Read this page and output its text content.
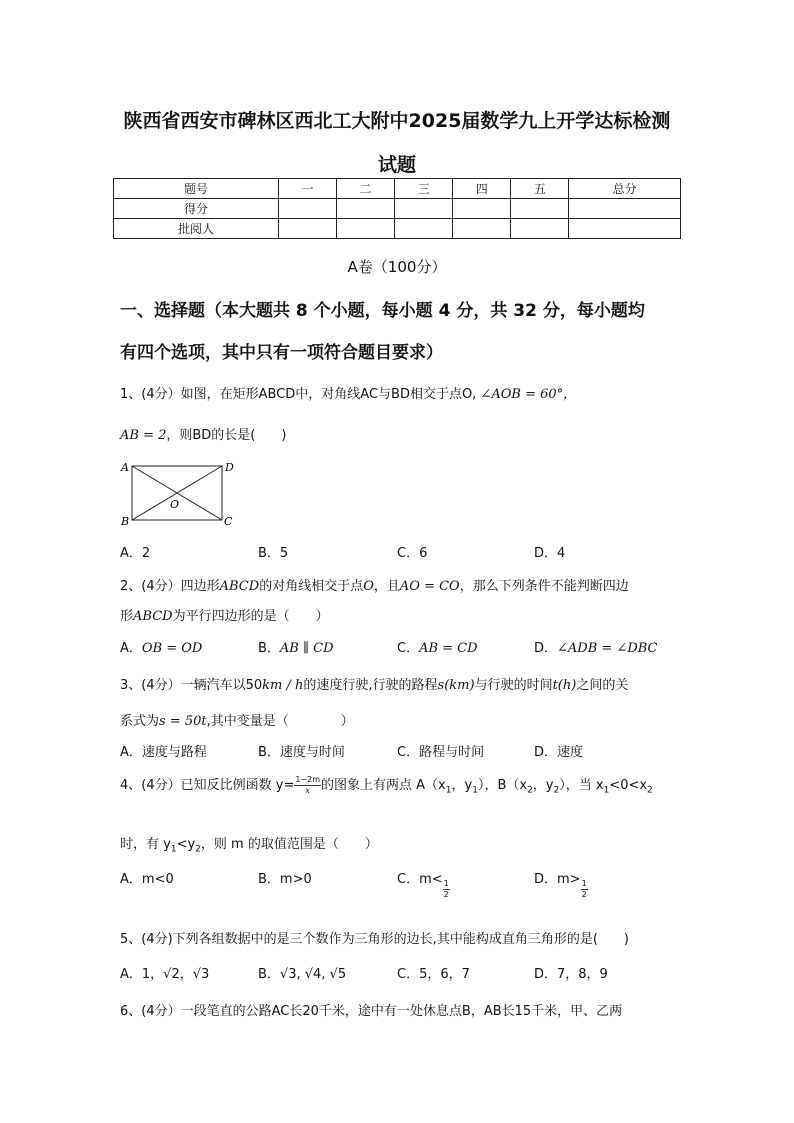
陕西省西安市碑林区西北工大附中2025届数学九上开学达标检测
试题
题号	一	二	三	四	五	总分
得分						
批阅人						
A卷（100分）
一、选择题（本大题共 8 个小题，每小题 4 分，共 32 分，每小题均
有四个选项，其中只有一项符合题目要求）
1、(4分）如图，在矩形ABCD中，对角线AC与BD相交于点O, ∠AOB = 60°，
AB = 2，则BD的长是(　　)
A	D
B	C
O
A．2	B．5	C．6	D．4
2、(4分）四边形ABCD的对角线相交于点O，且AO = CO，那么下列条件不能判断四边
形ABCD为平行四边形的是（　　）
A．OB = OD	B．AB ∥ CD	C．AB = CD	D．∠ADB = ∠DBC
3、(4分）一辆汽车以50km / h的速度行驶,行驶的路程s(km)与行驶的时间t(h)之间的关
系式为s = 50t,其中变量是（　　　　）
A．速度与路程	B．速度与时间	C．路程与时间	D．速度
4、(4分）已知反比例函数 $y= \frac{1-2m}{x}$ 的图象上有两点 $A(x_1$，$y_1$），$B(x_2$，$y_2$），当 $x_1<0<x_2$
时，有 $y_1<y_2$，则 m 的取值范围是（　　）
A．m<0	B．m>0	C．$m< \frac{1}{2}$	D．$m> \frac{1}{2}$
5、(4分)下列各组数据中的是三个数作为三角形的边长,其中能构成直角三角形的是(　　)
A．1，√2，√3	B．√3, √4, √5	C．5，6，7	D．7，8，9
6、(4分）一段笔直的公路AC长20千米，途中有一处休息点B，AB长15千米，甲、乙两
